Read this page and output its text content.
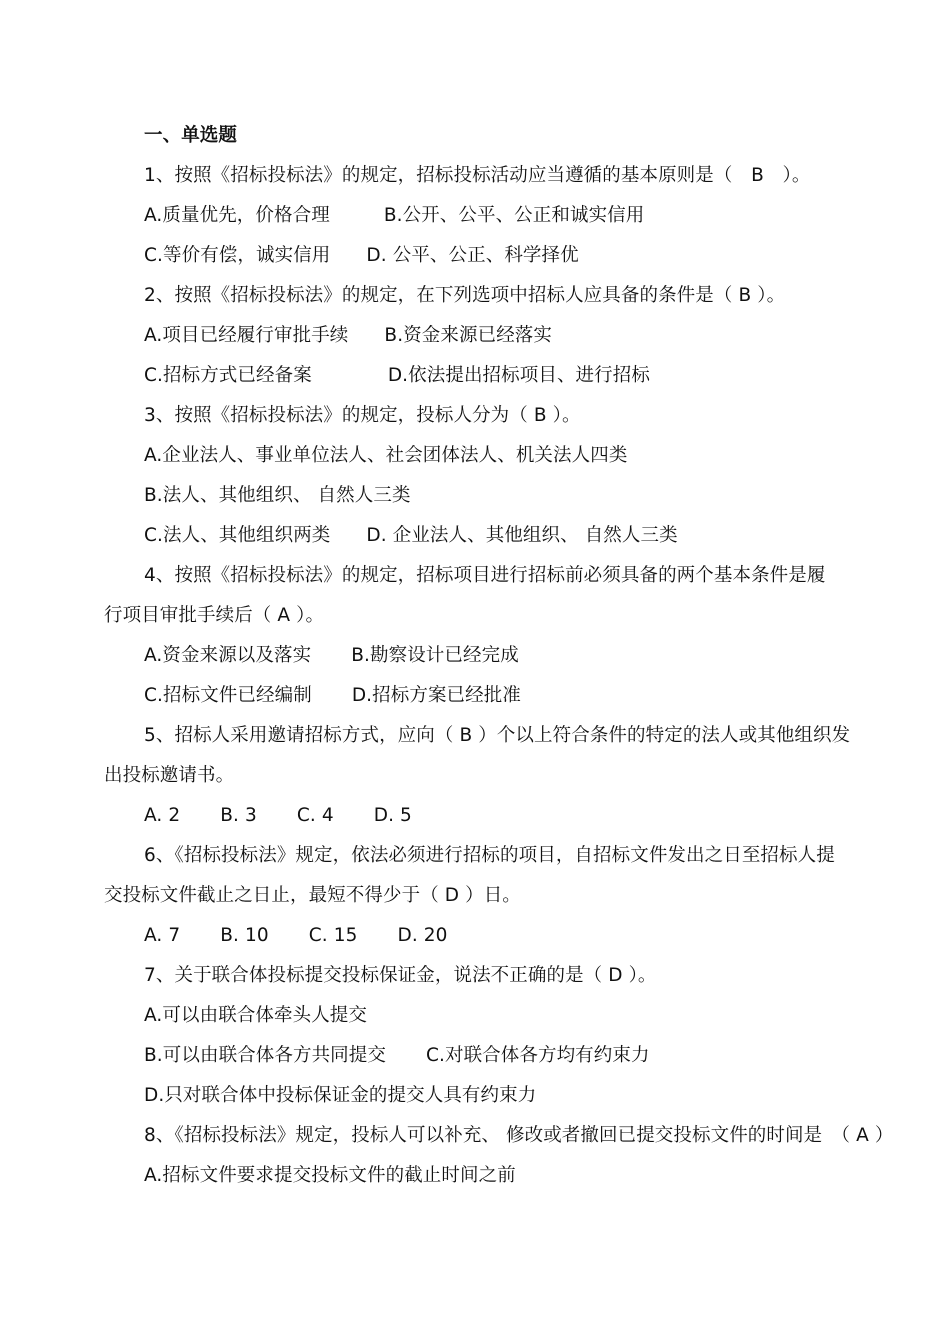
一、单选题
1、按照《招标投标法》的规定，招标投标活动应当遵循的基本原则是（　B　）。
A.质量优先，价格合理	B.公开、公平、公正和诚实信用
C.等价有偿，诚实信用 D. 公平、公正、科学择优
2、按照《招标投标法》的规定，在下列选项中招标人应具备的条件是（ B ）。
A.项目已经履行审批手续 B.资金来源已经落实
C.招标方式已经备案	D.依法提出招标项目、进行招标
3、按照《招标投标法》的规定，投标人分为（ B ）。
A.企业法人、事业单位法人、社会团体法人、机关法人四类
B.法人、其他组织、 自然人三类
C.法人、其他组织两类 D. 企业法人、其他组织、 自然人三类
4、按照《招标投标法》的规定，招标项目进行招标前必须具备的两个基本条件是履
行项目审批手续后（ A ）。
A.资金来源以及落实 B.勘察设计已经完成
C.招标文件已经编制 D.招标方案已经批准
5、招标人采用邀请招标方式，应向（ B ）个以上符合条件的特定的法人或其他组织发
出投标邀请书。
A. 2 B. 3 C. 4 D. 5
6、《招标投标法》规定，依法必须进行招标的项目，自招标文件发出之日至招标人提
交投标文件截止之日止，最短不得少于（ D ）日。
A. 7 B. 10 C. 15 D. 20
7、关于联合体投标提交投标保证金，说法不正确的是（ D ）。
A.可以由联合体牵头人提交
B.可以由联合体各方共同提交 C.对联合体各方均有约束力
D.只对联合体中投标保证金的提交人具有约束力
8、《招标投标法》规定，投标人可以补充、 修改或者撤回已提交投标文件的时间是　（ A ）
A.招标文件要求提交投标文件的截止时间之前
